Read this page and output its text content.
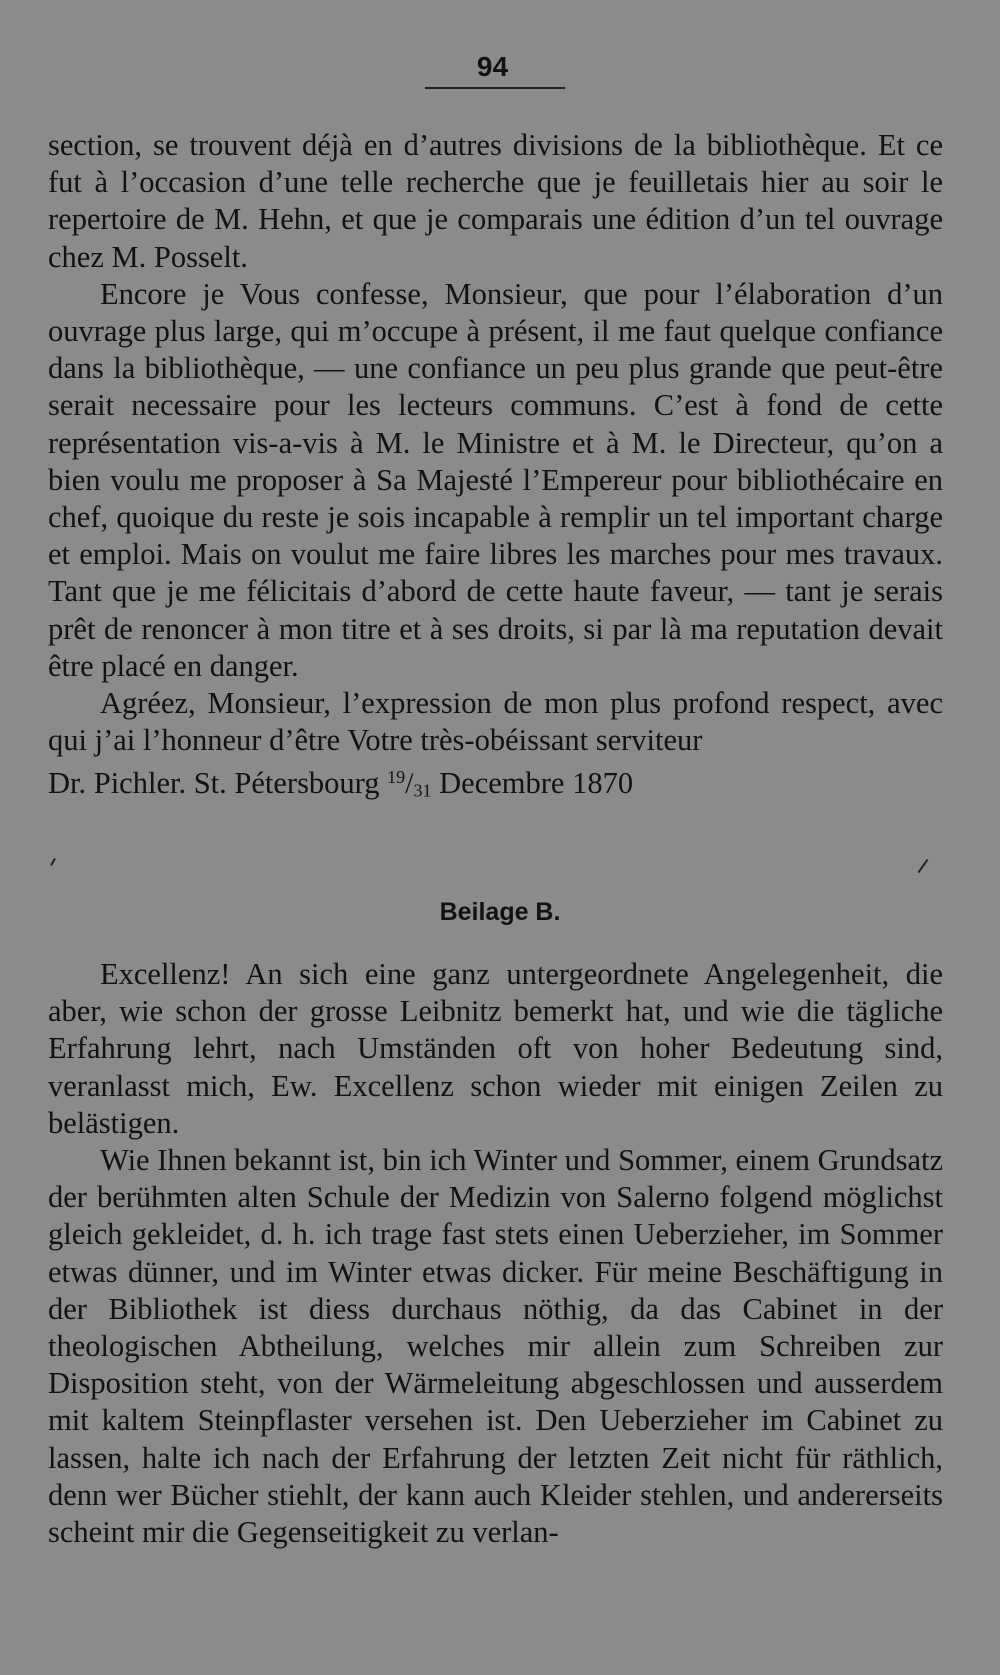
94

section, se trouvent déjà en d’autres divisions de la bibliothèque. Et ce fut à l’occasion d’une telle recherche que je feuilletais hier au soir le repertoire de M. Hehn, et que je comparais une édition d’un tel ouvrage chez M. Posselt.

Encore je Vous confesse, Monsieur, que pour l’élaboration d’un ouvrage plus large, qui m’occupe à présent, il me faut quelque confiance dans la bibliothèque, — une confiance un peu plus grande que peut-être serait necessaire pour les lecteurs communs. C’est à fond de cette représentation vis-a-vis à M. le Ministre et à M. le Directeur, qu’on a bien voulu me proposer à Sa Majesté l’Empereur pour bibliothécaire en chef, quoique du reste je sois incapable à remplir un tel important charge et emploi. Mais on voulut me faire libres les marches pour mes travaux. Tant que je me félicitais d’abord de cette haute faveur, — tant je serais prêt de renoncer à mon titre et à ses droits, si par là ma reputation devait être placé en danger.

Agréez, Monsieur, l’expression de mon plus profond respect, avec qui j’ai l’honneur d’être Votre très-obéissant serviteur

Dr. Pichler. St. Pétersbourg $^{19}/_{31}$ Decembre 1870

Beilage B.

Excellenz! An sich eine ganz untergeordnete Angelegenheit, die aber, wie schon der grosse Leibnitz bemerkt hat, und wie die tägliche Erfahrung lehrt, nach Umständen oft von hoher Bedeutung sind, veranlasst mich, Ew. Excellenz schon wieder mit einigen Zeilen zu belästigen.

Wie Ihnen bekannt ist, bin ich Winter und Sommer, einem Grundsatz der berühmten alten Schule der Medizin von Salerno folgend möglichst gleich gekleidet, d. h. ich trage fast stets einen Ueberzieher, im Sommer etwas dünner, und im Winter etwas dicker. Für meine Beschäftigung in der Bibliothek ist diess durchaus nöthig, da das Cabinet in der theologischen Abtheilung, welches mir allein zum Schreiben zur Disposition steht, von der Wärmeleitung abgeschlossen und ausserdem mit kaltem Steinpflaster versehen ist. Den Ueberzieher im Cabinet zu lassen, halte ich nach der Erfahrung der letzten Zeit nicht für räthlich, denn wer Bücher stiehlt, der kann auch Kleider stehlen, und andererseits scheint mir die Gegenseitigkeit zu verlan-
